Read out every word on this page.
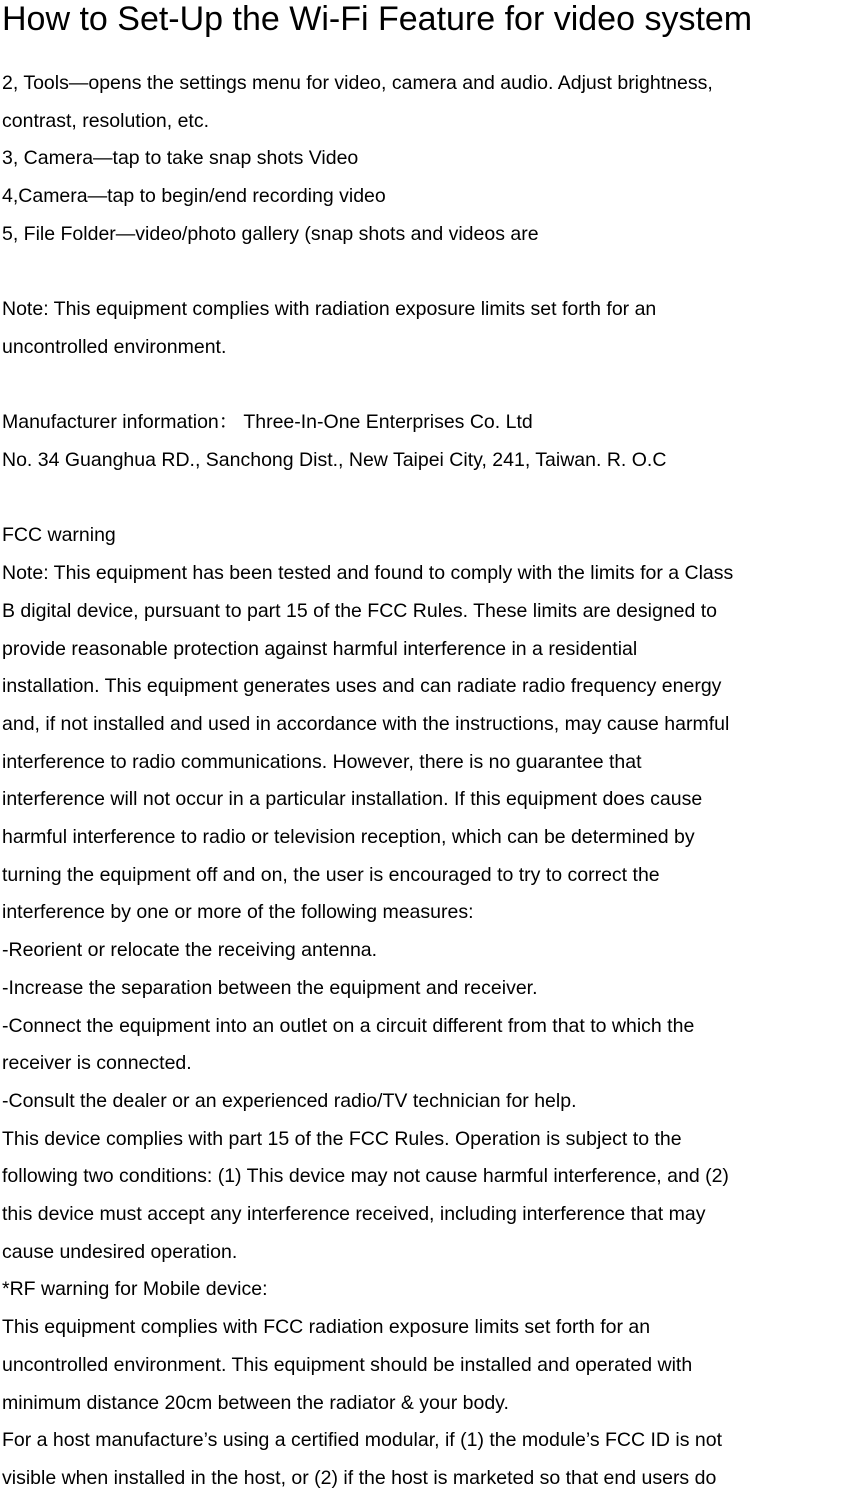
How to Set-Up the Wi-Fi Feature for video system

2, Tools—opens the settings menu for video, camera and audio. Adjust brightness,

contrast, resolution, etc.

3, Camera—tap to take snap shots Video

4,Camera—tap to begin/end recording video

5, File Folder—video/photo gallery (snap shots and videos are

Note: This equipment complies with radiation exposure limits set forth for an

uncontrolled environment.

Manufacturer information： Three-In-One Enterprises Co. Ltd

No. 34 Guanghua RD., Sanchong Dist., New Taipei City, 241, Taiwan. R. O.C

FCC warning

Note: This equipment has been tested and found to comply with the limits for a Class

B digital device, pursuant to part 15 of the FCC Rules. These limits are designed to

provide reasonable protection against harmful interference in a residential

installation. This equipment generates uses and can radiate radio frequency energy

and, if not installed and used in accordance with the instructions, may cause harmful

interference to radio communications. However, there is no guarantee that

interference will not occur in a particular installation. If this equipment does cause

harmful interference to radio or television reception, which can be determined by

turning the equipment off and on, the user is encouraged to try to correct the

interference by one or more of the following measures:

-Reorient or relocate the receiving antenna.

-Increase the separation between the equipment and receiver.

-Connect the equipment into an outlet on a circuit different from that to which the

receiver is connected.

-Consult the dealer or an experienced radio/TV technician for help.

This device complies with part 15 of the FCC Rules. Operation is subject to the

following two conditions: (1) This device may not cause harmful interference, and (2)

this device must accept any interference received, including interference that may

cause undesired operation.

*RF warning for Mobile device:

This equipment complies with FCC radiation exposure limits set forth for an

uncontrolled environment. This equipment should be installed and operated with

minimum distance 20cm between the radiator & your body.

For a host manufacture’s using a certified modular, if (1) the module’s FCC ID is not

visible when installed in the host, or (2) if the host is marketed so that end users do
